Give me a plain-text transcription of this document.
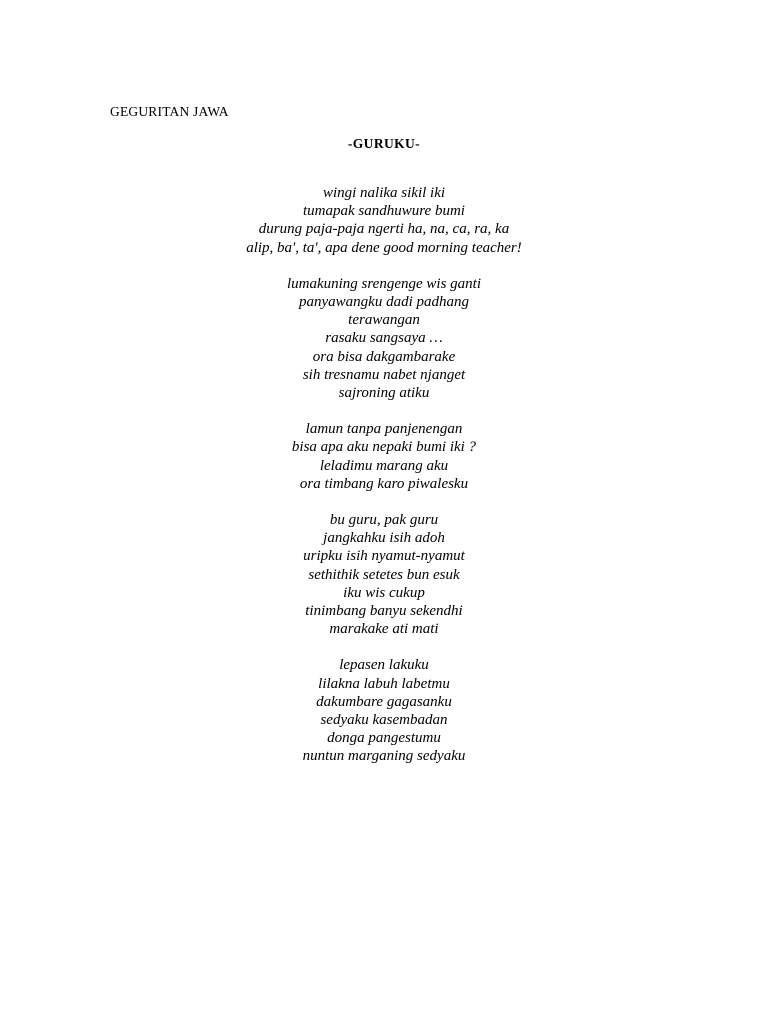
GEGURITAN JAWA

-GURUKU-
wingi nalika sikil iki
tumapak sandhuwure bumi
durung paja-paja ngerti ha, na, ca, ra, ka
alip, ba', ta', apa dene good morning teacher!
lumakuning srengenge wis ganti
panyawangku dadi padhang
terawangan
rasaku sangsaya …
ora bisa dakgambarake
sih tresnamu nabet njanget
sajroning atiku
lamun tanpa panjenengan
bisa apa aku nepaki bumi iki ?
leladimu marang aku
ora timbang karo piwalesku
bu guru, pak guru
jangkahku isih adoh
uripku isih nyamut-nyamut
sethithik setetes bun esuk
iku wis cukup
tinimbang banyu sekendhi
marakake ati mati
lepasen lakuku
lilakna labuh labetmu
dakumbare gagasanku
sedyaku kasembadan
donga pangestumu
nuntun marganing sedyaku
